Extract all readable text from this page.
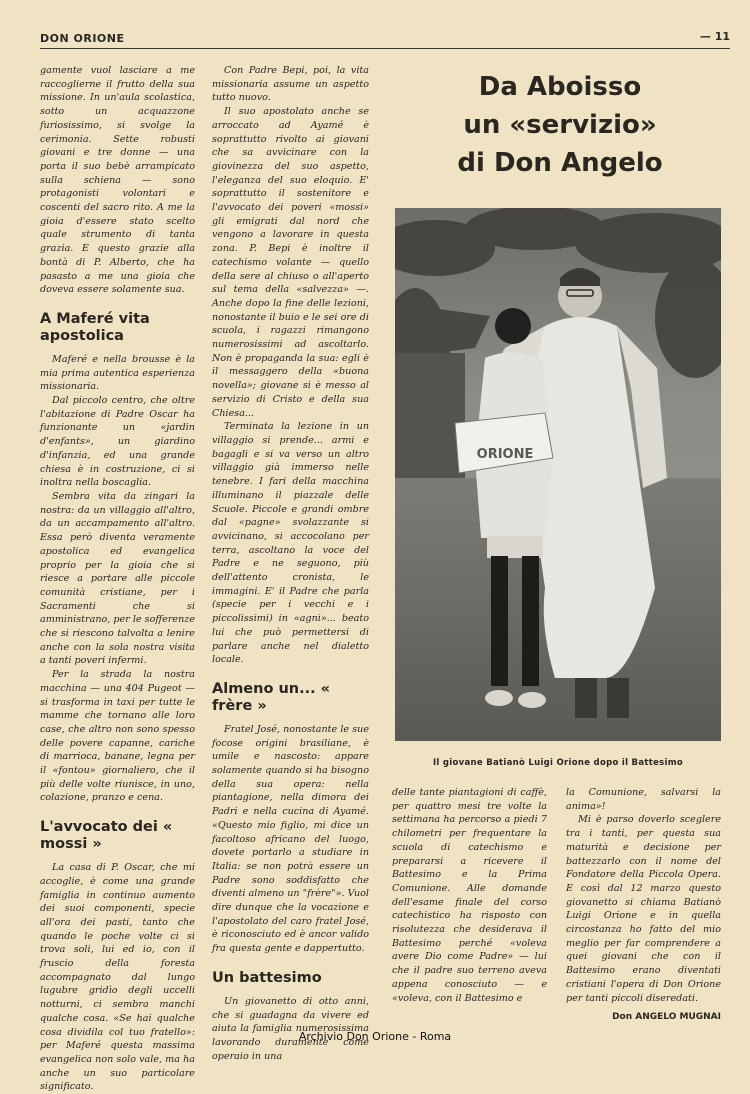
DON ORIONE	— 11

gamente vuol lasciare a me raccoglierne il frutto della sua missione. In un'aula scolastica, sotto un acquazzone furiosissimo, si svolge la cerimonia. Sette robusti giovani e tre donne — una porta il suo bebè arrampicato sulla schiena — sono protagonisti volontari e coscenti del sacro rito. A me la gioia d'essere stato scelto quale strumento di tanta grazia. E questo grazie alla bontà di P. Alberto, che ha pasasto a me una gioia che doveva essere solamente sua.

A Maferé vita apostolica

Maferé e nella brousse è la mia prima autentica esperienza missionaria.

Dal piccolo centro, che oltre l'abitazione di Padre Oscar ha funzionante un «jardin d'enfants», un giardino d'infanzia, ed una grande chiesa è in costruzione, ci si inoltra nella boscaglia.

Sembra vita da zingari la nostra: da un villaggio all'altro, da un accampamento all'altro. Essa però diventa veramente apostolica ed evangelica proprio per la gioia che si riesce a portare alle piccole comunità cristiane, per i Sacramenti che si amministrano, per le sofferenze che si riescono talvolta a lenire anche con la sola nostra visita a tanti poveri infermi.

Per la strada la nostra macchina — una 404 Pugeot — si trasforma in taxi per tutte le mamme che tornano alle loro case, che altro non sono spesso delle povere capanne, cariche di marrioca, banane, legna per il «fontou» giornaliero, che il più delle volte riunisce, in uno, colazione, pranzo e cena.

L'avvocato dei « mossi »

La casa di P. Oscar, che mi accoglie, è come una grande famiglia in continuo aumento dei suoi componenti, specie all'ora dei pasti, tanto che quando le poche volte ci si trova soli, lui ed io, con il fruscio della foresta accompagnato dal lungo lugubre gridìo degli uccelli notturni, ci sembra manchi qualche cosa. «Se hai qualche cosa dividila col tuo fratello»: per Maferé questa massima evangelica non solo vale, ma ha anche un suo particolare significato.

Con Padre Bepi, poi, la vita missionaria assume un aspetto tutto nuovo.

Il suo apostolato anche se arroccato ad Ayamé è soprattutto rivolto ai giovani che sa avvicinare con la giovinezza del suo aspetto, l'eleganza del suo eloquio. E' soprattutto il sostenitore e l'avvocato dei poveri «mossi» gli emigrati dal nord che vengono a lavorare in questa zona. P. Bepi è inoltre il catechismo volante — quello della sere al chiuso o all'aperto sul tema della «salvezza» —. Anche dopo la fine delle lezioni, nonostante il buio e le sei ore di scuola, i ragazzi rimangono numerosissimi ad ascoltarlo. Non è propaganda la sua: egli è il messaggero della «buona novella»; giovane si è messo al servizio di Cristo e della sua Chiesa...

Terminata la lezione in un villaggio si prende... armi e bagagli e si va verso un altro villaggio già immerso nelle tenebre. I fari della macchina illuminano il piazzale delle Scuole. Piccole e grandi ombre dal «pagne» svolazzante si avvicinano, si accocolano per terra, ascoltano la voce del Padre e ne seguono, più dell'attento cronista, le immagini. E' il Padre che parla (specie per i vecchi e i piccolissimi) in «agni»... beato lui che può permettersi di parlare anche nel dialetto locale.

Almeno un... « frère »

Fratel José, nonostante le sue focose origini brasiliane, è umile e nascosto: appare solamente quando si ha bisogno della sua opera: nella piantagione, nella dimora dei Padri e nella cucina di Ayamé. «Questo mio figlio, mi dice un facoltoso africano del luogo, dovete portarlo a studiare in Italia: se non potrà essere un Padre sono soddisfatto che diventi almeno un "frère"». Vuol dire dunque che la vocazione e l'apostolato del caro fratel José, è riconosciuto ed è ancor valido fra questa gente e dappertutto.

Un battesimo

Un giovanetto di otto anni, che si guadagna da vivere ed aiuta la famiglia numerosissima lavorando duramente come operaio in una

Da Aboisso
un «servizio»
di Don Angelo
ORIONE
Il giovane Batianò Luigi Orione dopo il Battesimo

delle tante piantagioni di caffè, per quattro mesi tre volte la settimana ha percorso a piedi 7 chilometri per frequentare la scuola di catechismo e prepararsi a ricevere il Battesimo e la Prima Comunione. Alle domande dell'esame finale del corso catechistico ha risposto con risolutezza che desiderava il Battesimo perché «voleva avere Dio come Padre» — lui che il padre suo terreno aveva appena conosciuto — e «voleva, con il Battesimo e

la Comunione, salvarsi la anima»!

Mi è parso doverlo sceglere tra i tanti, per questa sua maturità e decisione per battezzarlo con il nome del Fondatore della Piccola Opera. E così dal 12 marzo questo giovanetto si chiama Batianò Luigi Orione e in quella circostanza ho fatto del mio meglio per far comprendere a quei giovani che con il Battesimo erano diventati cristiani l'opera di Don Orione per tanti piccoli diseredati.

Don ANGELO MUGNAI
Archivio Don Orione - Roma
